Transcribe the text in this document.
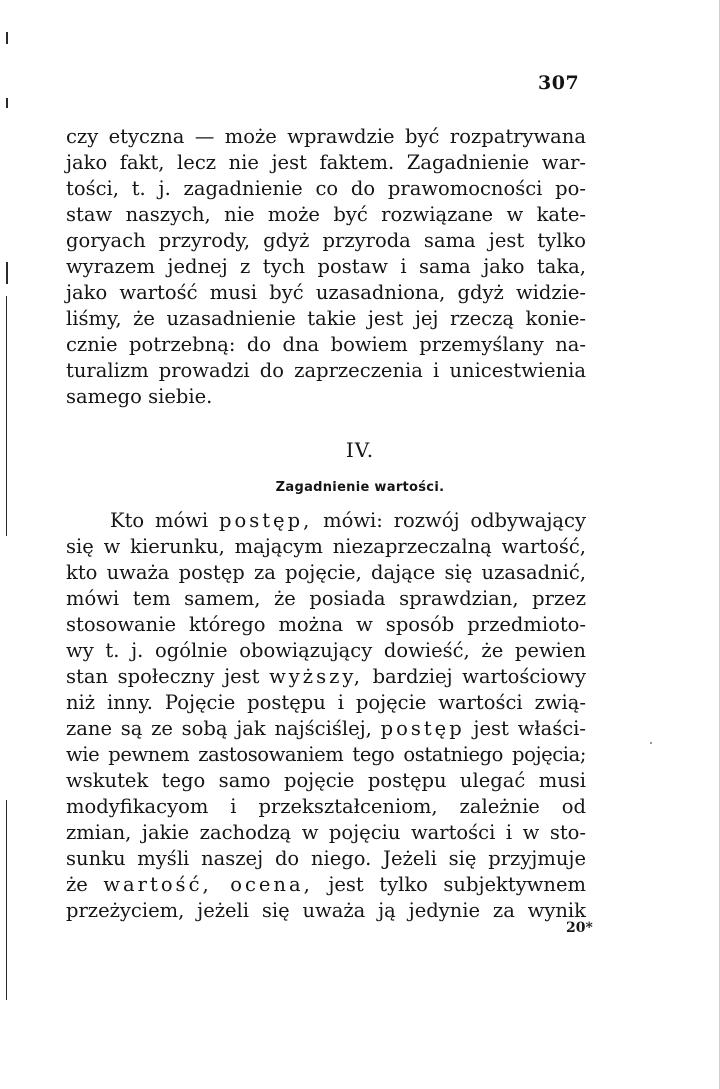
307
czy etyczna — może wprawdzie być rozpatrywana
jako fakt, lecz nie jest faktem. Zagadnienie war-
tości, t. j. zagadnienie co do prawomocności po-
staw naszych, nie może być rozwiązane w kate-
goryach przyrody, gdyż przyroda sama jest tylko
wyrazem jednej z tych postaw i sama jako taka,
jako wartość musi być uzasadniona, gdyż widzie-
liśmy, że uzasadnienie takie jest jej rzeczą konie-
cznie potrzebną: do dna bowiem przemyślany na-
turalizm prowadzi do zaprzeczenia i unicestwienia
samego siebie.
IV.
Zagadnienie wartości.
Kto mówi postęp, mówi: rozwój odbywający
się w kierunku, mającym niezaprzeczalną wartość,
kto uważa postęp za pojęcie, dające się uzasadnić,
mówi tem samem, że posiada sprawdzian, przez
stosowanie którego można w sposób przedmioto-
wy t. j. ogólnie obowiązujący dowieść, że pewien
stan społeczny jest wyższy, bardziej wartościowy
niż inny. Pojęcie postępu i pojęcie wartości zwią-
zane są ze sobą jak najściślej, postęp jest właści-
wie pewnem zastosowaniem tego ostatniego pojęcia;
wskutek tego samo pojęcie postępu ulegać musi
modyfikacyom i przekształceniom, zależnie od
zmian, jakie zachodzą w pojęciu wartości i w sto-
sunku myśli naszej do niego. Jeżeli się przyjmuje
że wartość, ocena, jest tylko subjektywnem
przeżyciem, jeżeli się uważa ją jedynie za wynik
20*
